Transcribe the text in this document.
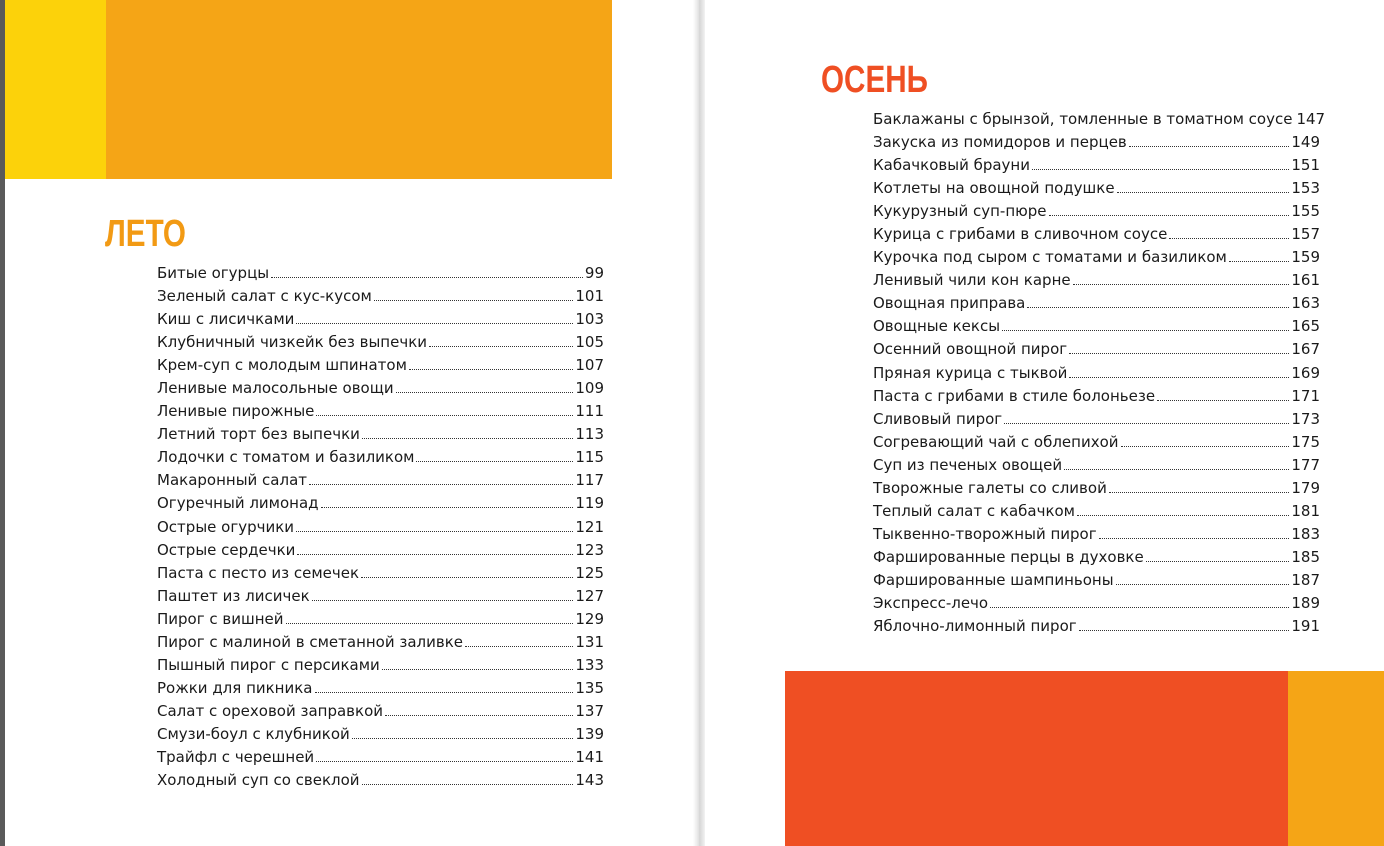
ЛЕТО
Битые огурцы	99
Зеленый салат с кус-кусом	101
Киш с лисичками	103
Клубничный чизкейк без выпечки	105
Крем-суп с молодым шпинатом	107
Ленивые малосольные овощи	109
Ленивые пирожные	111
Летний торт без выпечки	113
Лодочки с томатом и базиликом	115
Макаронный салат	117
Огуречный лимонад	119
Острые огурчики	121
Острые сердечки	123
Паста с песто из семечек	125
Паштет из лисичек	127
Пирог с вишней	129
Пирог с малиной в сметанной заливке	131
Пышный пирог с персиками	133
Рожки для пикника	135
Салат с ореховой заправкой	137
Смузи-боул с клубникой	139
Трайфл с черешней	141
Холодный суп со свеклой	143
ОСЕНЬ
Баклажаны с брынзой, томленные в томатном соусе 147
Закуска из помидоров и перцев	149
Кабачковый брауни	151
Котлеты на овощной подушке	153
Кукурузный суп-пюре	155
Курица с грибами в сливочном соусе	157
Курочка под сыром с томатами и базиликом	159
Ленивый чили кон карне	161
Овощная приправа	163
Овощные кексы	165
Осенний овощной пирог	167
Пряная курица с тыквой	169
Паста с грибами в стиле болоньезе	171
Сливовый пирог	173
Согревающий чай с облепихой	175
Суп из печеных овощей	177
Творожные галеты со сливой	179
Теплый салат с кабачком	181
Тыквенно-творожный пирог	183
Фаршированные перцы в духовке	185
Фаршированные шампиньоны	187
Экспресс-лечо	189
Яблочно-лимонный пирог	191
